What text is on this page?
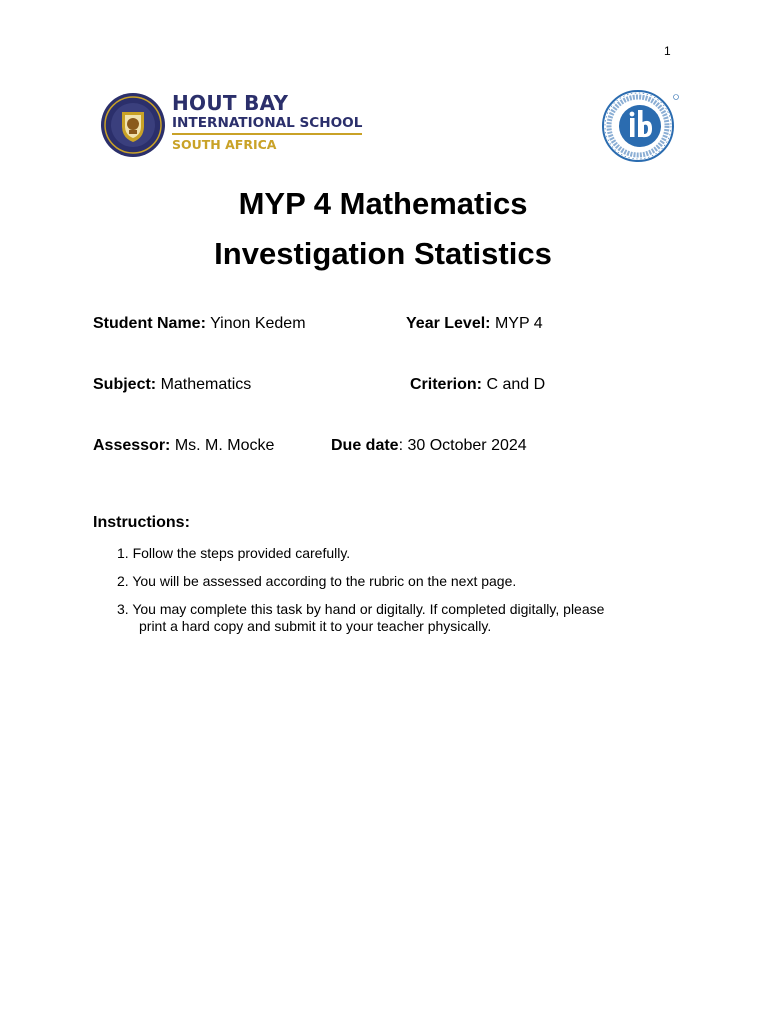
1
HOUT BAY
INTERNATIONAL SCHOOL
SOUTH AFRICA
MYP 4 Mathematics
Investigation Statistics
Student Name: Yinon Kedem	Year Level: MYP 4
Subject: Mathematics	Criterion: C and D
Assessor: Ms. M. Mocke	Due date: 30 October 2024
Instructions:
1. Follow the steps provided carefully.
2. You will be assessed according to the rubric on the next page.
3. You may complete this task by hand or digitally. If completed digitally, please
print a hard copy and submit it to your teacher physically.
